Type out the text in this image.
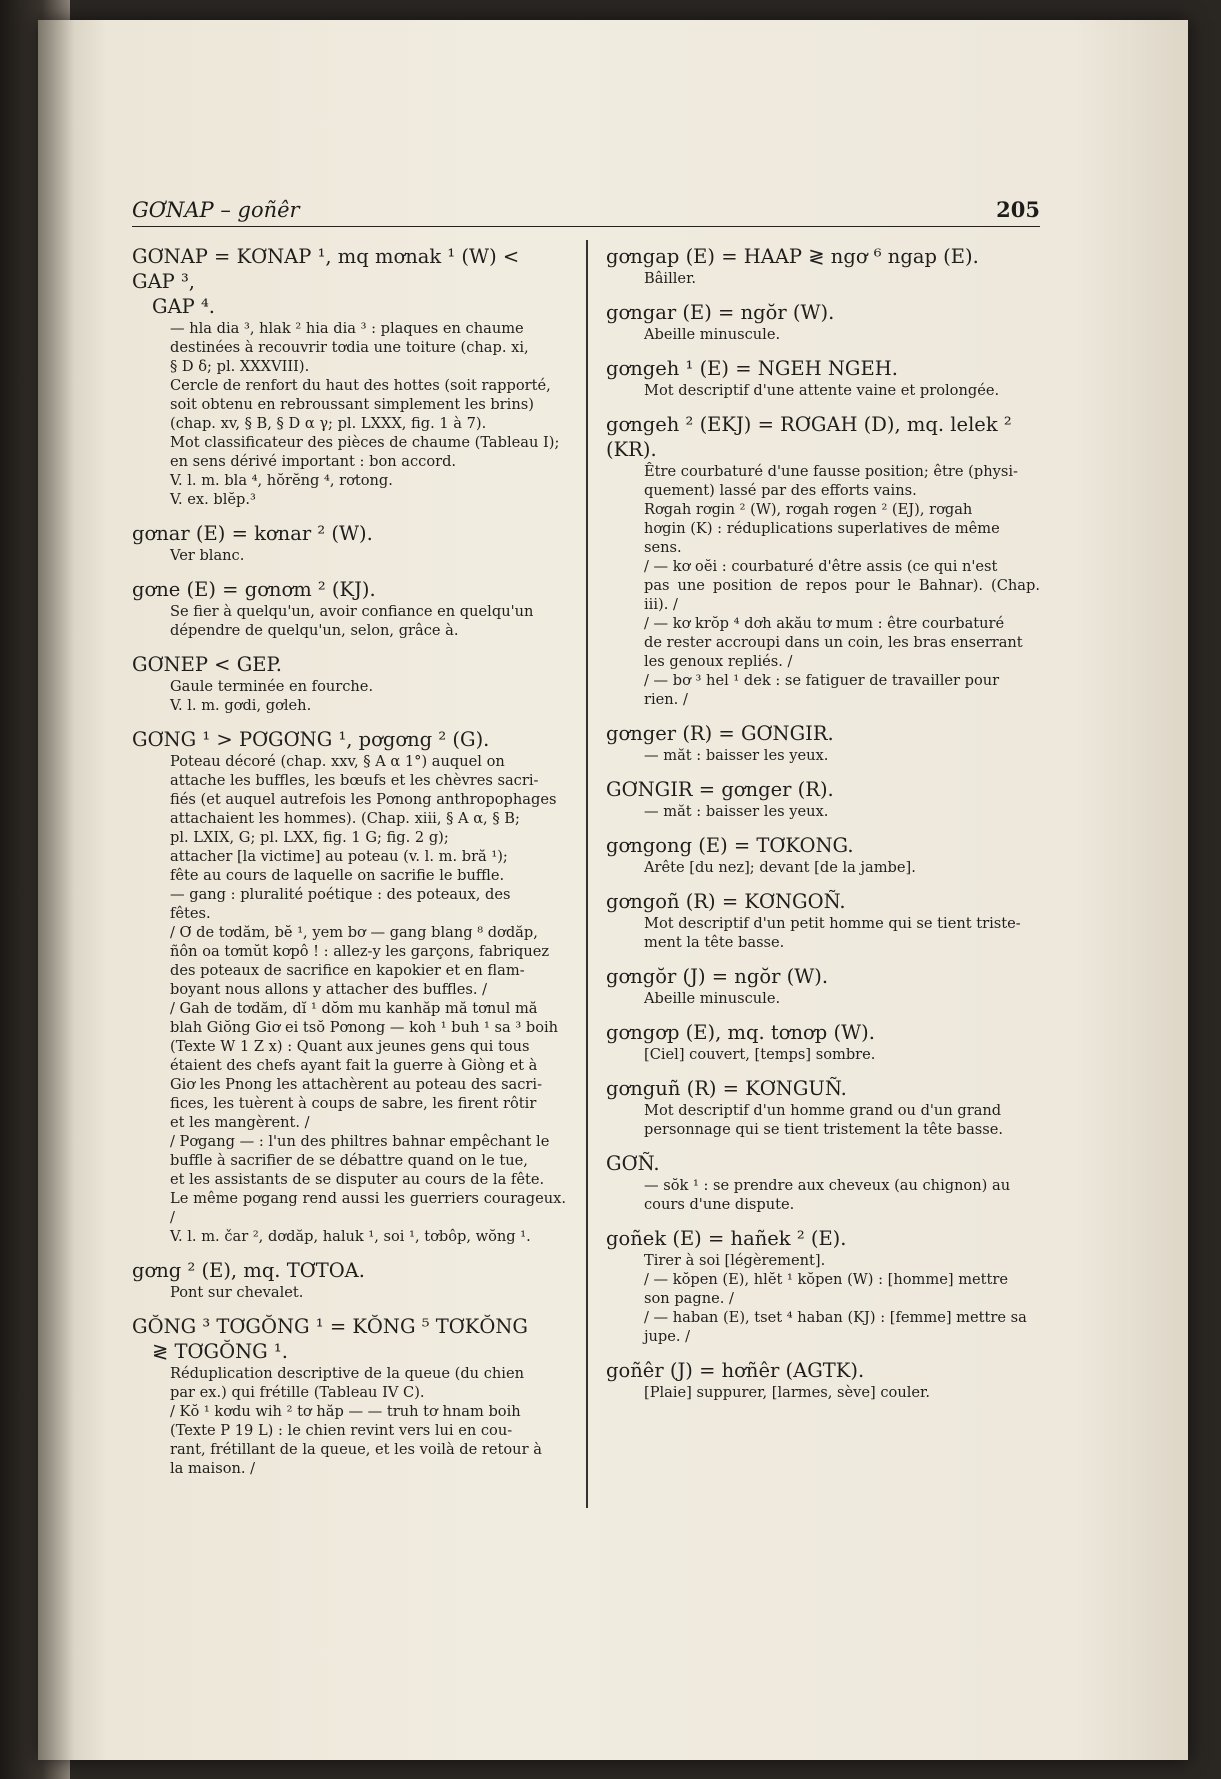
GƠNAP – goñêr	205
GƠNAP = KƠNAP ¹, mq mơnak ¹ (W) < GAP ³,
GAP ⁴.
— hla dia ³, hlak ² hia dia ³ : plaques en chaume
destinées à recouvrir tơdia une toiture (chap. xi,
§ D δ; pl. XXXVIII).
Cercle de renfort du haut des hottes (soit rapporté,
soit obtenu en rebroussant simplement les brins)
(chap. xv, § B, § D α γ; pl. LXXX, fig. 1 à 7).
Mot classificateur des pièces de chaume (Tableau I);
en sens dérivé important : bon accord.
V. l. m. bla ⁴, hŏrĕng ⁴, rơtong.
V. ex. blĕp.³
gơnar (E) = kơnar ² (W).
Ver blanc.
gơne (E) = gơnơm ² (KJ).
Se fier à quelqu'un, avoir confiance en quelqu'un
dépendre de quelqu'un, selon, grâce à.
GƠNEP < GEP.
Gaule terminée en fourche.
V. l. m. gơdi, gơleh.
GƠNG ¹ > PƠGƠNG ¹, pơgơng ² (G).
Poteau décoré (chap. xxv, § A α 1°) auquel on
attache les buffles, les bœufs et les chèvres sacri-
fiés (et auquel autrefois les Pơnong anthropophages
attachaient les hommes). (Chap. xiii, § A α, § B;
pl. LXIX, G; pl. LXX, fig. 1 G; fig. 2 g);
attacher [la victime] au poteau (v. l. m. bră ¹);
fête au cours de laquelle on sacrifie le buffle.
— gang : pluralité poétique : des poteaux, des
fêtes.
/ Ơ de tơdăm, bĕ ¹, yem bơ — gang blang ⁸ dơdăp,
ñôn oa tơmŭt kơpô ! : allez-y les garçons, fabriquez
des poteaux de sacrifice en kapokier et en flam-
boyant nous allons y attacher des buffles. /
/ Gah de tơdăm, dĭ ¹ dŏm mu kanhăp mă tơnul mă
blah Giŏng Giơ ei tsŏ Pơnong — koh ¹ buh ¹ sa ³ boih
(Texte W 1 Z x) : Quant aux jeunes gens qui tous
étaient des chefs ayant fait la guerre à Giòng et à
Giơ les Pnong les attachèrent au poteau des sacri-
fices, les tuèrent à coups de sabre, les firent rôtir
et les mangèrent. /
/ Pơgang — : l'un des philtres bahnar empêchant le
buffle à sacrifier de se débattre quand on le tue,
et les assistants de se disputer au cours de la fête.
Le même pơgang rend aussi les guerriers courageux. /
V. l. m. čar ², dơdăp, haluk ¹, soi ¹, tơbôp, wŏng ¹.
gơng ² (E), mq. TƠTOA.
Pont sur chevalet.
GŎNG ³ TƠGŎNG ¹ = KŎNG ⁵ TƠKŎNG
≷ TƠGŎNG ¹.
Réduplication descriptive de la queue (du chien
par ex.) qui frétille (Tableau IV C).
/ Kŏ ¹ kơdu wih ² tơ hăp — — truh tơ hnam boih
(Texte P 19 L) : le chien revint vers lui en cou-
rant, frétillant de la queue, et les voilà de retour à
la maison. /
gơngap (E) = HAAP ≷ ngơ ⁶ ngap (E).
Bâiller.
gơngar (E) = ngŏr (W).
Abeille minuscule.
gơngeh ¹ (E) = NGEH NGEH.
Mot descriptif d'une attente vaine et prolongée.
gơngeh ² (EKJ) = RƠGAH (D), mq. lelek ² (KR).
Être courbaturé d'une fausse position; être (physi-
quement) lassé par des efforts vains.
Rơgah rơgin ² (W), rơgah rơgen ² (EJ), rơgah
hơgin (K) : réduplications superlatives de même
sens.
/ — kơ oĕi : courbaturé d'être assis (ce qui n'est
pas une position de repos pour le Bahnar). (Chap. iii). /
/ — kơ krŏp ⁴ dơh akău tơ mum : être courbaturé
de rester accroupi dans un coin, les bras enserrant
les genoux repliés. /
/ — bơ ³ hel ¹ dek : se fatiguer de travailler pour
rien. /
gơnger (R) = GƠNGIR.
— măt : baisser les yeux.
GƠNGIR = gơnger (R).
— măt : baisser les yeux.
gơngong (E) = TƠKONG.
Arête [du nez]; devant [de la jambe].
gơngoñ (R) = KƠNGOÑ.
Mot descriptif d'un petit homme qui se tient triste-
ment la tête basse.
gơngŏr (J) = ngŏr (W).
Abeille minuscule.
gơngơp (E), mq. tơnơp (W).
[Ciel] couvert, [temps] sombre.
gơnguñ (R) = KƠNGUÑ.
Mot descriptif d'un homme grand ou d'un grand
personnage qui se tient tristement la tête basse.
GƠÑ.
— sŏk ¹ : se prendre aux cheveux (au chignon) au
cours d'une dispute.
goñek (E) = hañek ² (E).
Tirer à soi [légèrement].
/ — kŏpen (E), hlĕt ¹ kŏpen (W) : [homme] mettre
son pagne. /
/ — haban (E), tset ⁴ haban (KJ) : [femme] mettre sa
jupe. /
goñêr (J) = hơñêr (AGTK).
[Plaie] suppurer, [larmes, sève] couler.
